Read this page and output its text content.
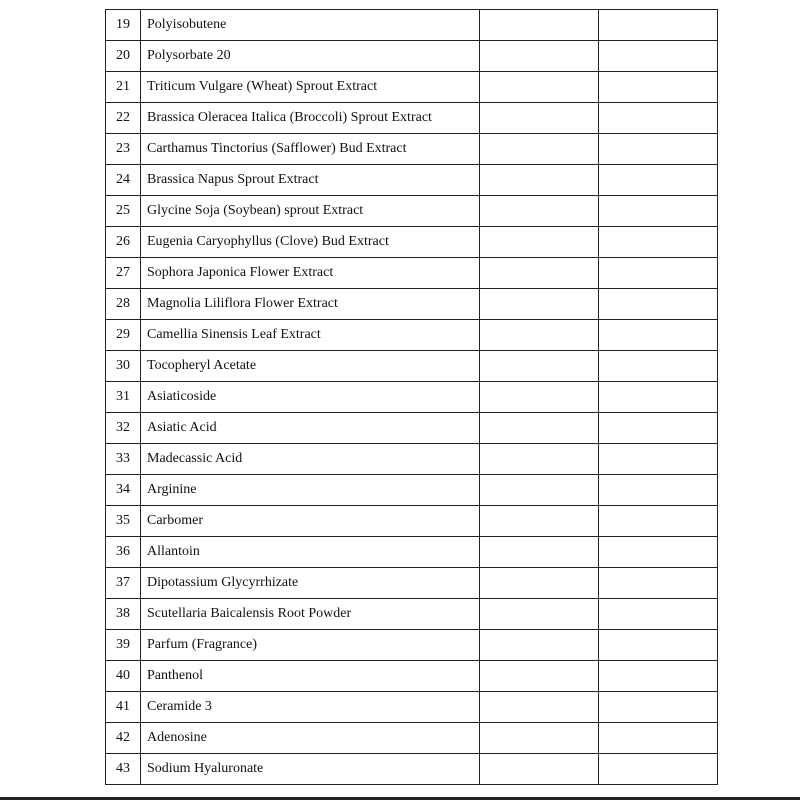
19	Polyisobutene		
20	Polysorbate 20		
21	Triticum Vulgare (Wheat) Sprout Extract		
22	Brassica Oleracea Italica (Broccoli) Sprout Extract		
23	Carthamus Tinctorius (Safflower) Bud Extract		
24	Brassica Napus Sprout Extract		
25	Glycine Soja (Soybean) sprout Extract		
26	Eugenia Caryophyllus (Clove) Bud Extract		
27	Sophora Japonica Flower Extract		
28	Magnolia Liliflora Flower Extract		
29	Camellia Sinensis Leaf Extract		
30	Tocopheryl Acetate		
31	Asiaticoside		
32	Asiatic Acid		
33	Madecassic Acid		
34	Arginine		
35	Carbomer		
36	Allantoin		
37	Dipotassium Glycyrrhizate		
38	Scutellaria Baicalensis Root Powder		
39	Parfum (Fragrance)		
40	Panthenol		
41	Ceramide 3		
42	Adenosine		
43	Sodium Hyaluronate		
